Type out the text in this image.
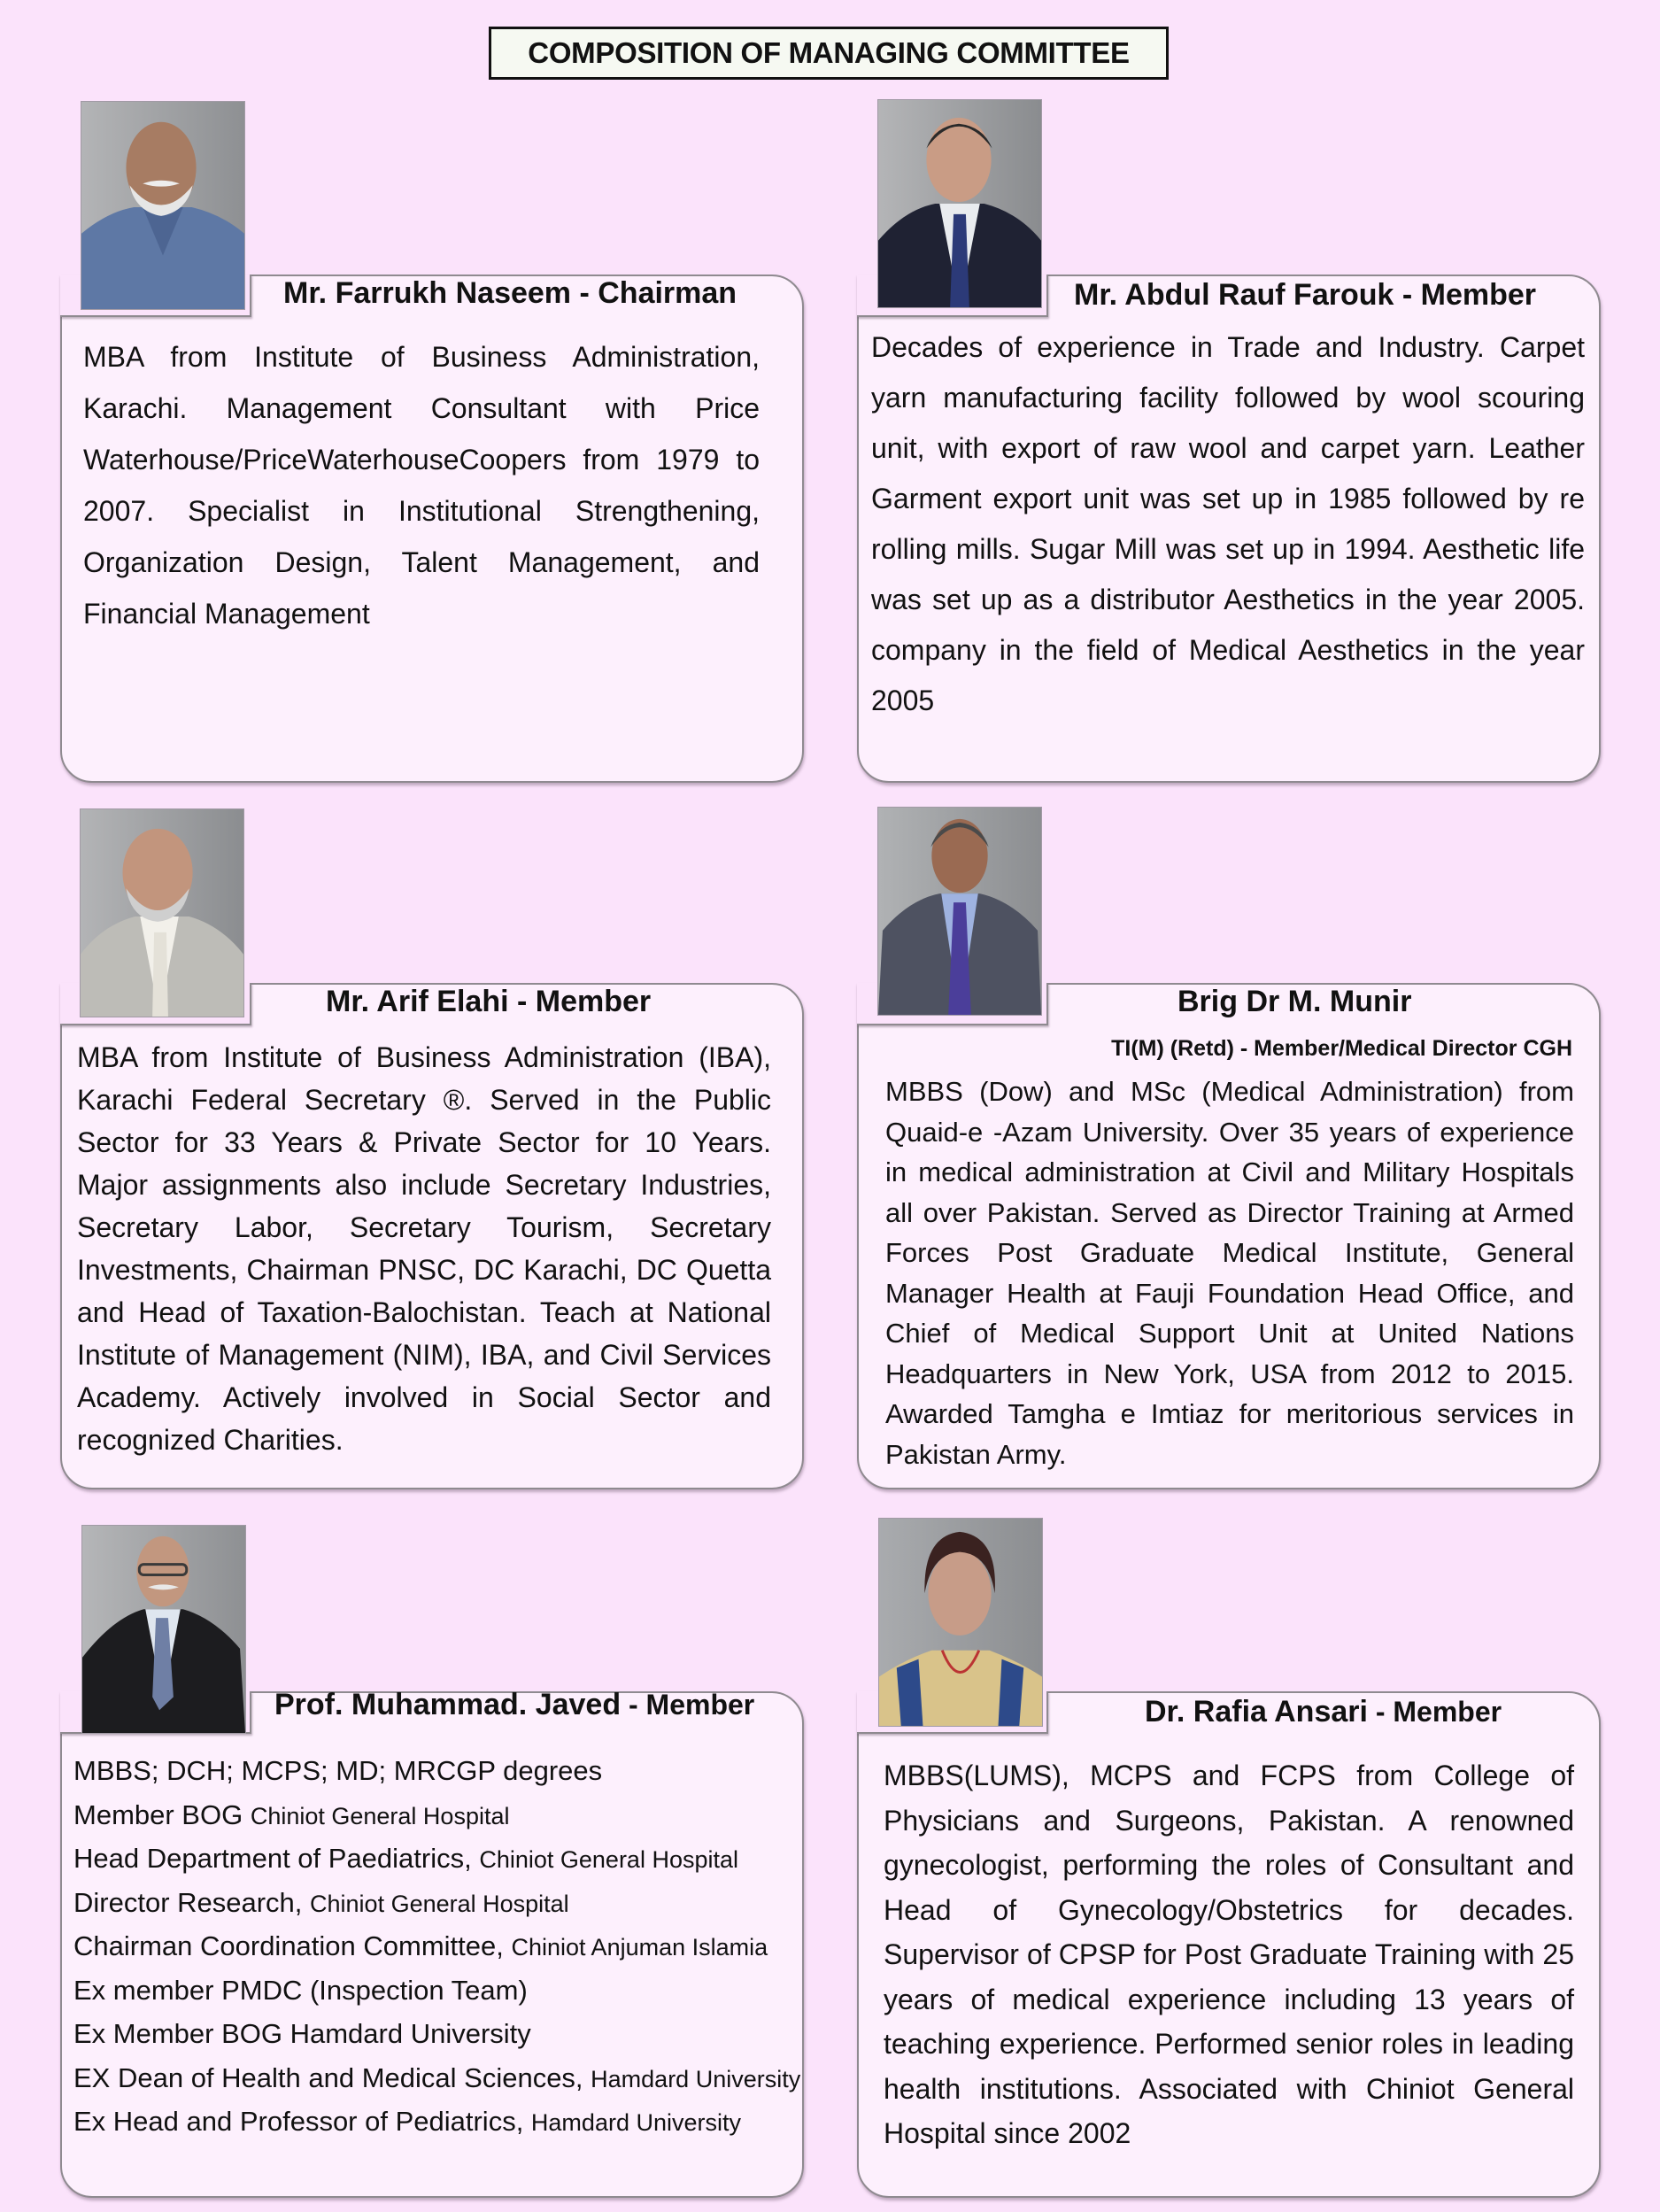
COMPOSITION OF MANAGING COMMITTEE
Mr. Farrukh Naseem - Chairman
MBA from Institute of Business Administration, Karachi. Management Consultant with Price Waterhouse/PriceWaterhouseCoopers from 1979 to 2007. Specialist in Institutional Strengthening, Organization Design, Talent Management, and Financial Management
Mr. Abdul Rauf Farouk - Member
Decades of experience in Trade and Industry. Carpet yarn manufacturing facility followed by wool scouring unit, with export of raw wool and carpet yarn. Leather Garment export unit was set up in 1985 followed by re rolling mills. Sugar Mill was set up in 1994. Aesthetic life was set up as a distributor Aesthetics in the year 2005. company in the field of Medical Aesthetics in the year 2005
Mr. Arif Elahi - Member
MBA from Institute of Business Administration (IBA), Karachi Federal Secretary ®. Served in the Public Sector for 33 Years & Private Sector for 10 Years. Major assignments also include Secretary Industries, Secretary Labor, Secretary Tourism, Secretary Investments, Chairman PNSC, DC Karachi, DC Quetta and Head of Taxation-Balochistan. Teach at National Institute of Management (NIM), IBA, and Civil Services Academy. Actively involved in Social Sector and recognized Charities.
Brig Dr M. Munir
TI(M) (Retd) - Member/Medical Director CGH
MBBS (Dow) and MSc (Medical Administration) from Quaid-e -Azam University. Over 35 years of experience in medical administration at Civil and Military Hospitals all over Pakistan. Served as Director Training at Armed Forces Post Graduate Medical Institute, General Manager Health at Fauji Foundation Head Office, and Chief of Medical Support Unit at United Nations Headquarters in New York, USA from 2012 to 2015. Awarded Tamgha e Imtiaz for meritorious services in Pakistan Army.
Prof. Muhammad. Javed - Member

MBBS; DCH; MCPS; MD; MRCGP degrees

Member BOG Chiniot General Hospital

Head Department of Paediatrics, Chiniot General Hospital

Director Research, Chiniot General Hospital

Chairman Coordination Committee, Chiniot Anjuman Islamia

Ex member PMDC (Inspection Team)

Ex Member BOG Hamdard University

EX Dean of Health and Medical Sciences, Hamdard University

Ex Head and Professor of Pediatrics, Hamdard University

Dr. Rafia Ansari - Member
MBBS(LUMS), MCPS and FCPS from College of Physicians and Surgeons, Pakistan. A renowned gynecologist, performing the roles of Consultant and Head of Gynecology/Obstetrics for decades. Supervisor of CPSP for Post Graduate Training with 25 years of medical experience including 13 years of teaching experience. Performed senior roles in leading health institutions. Associated with Chiniot General Hospital since 2002
